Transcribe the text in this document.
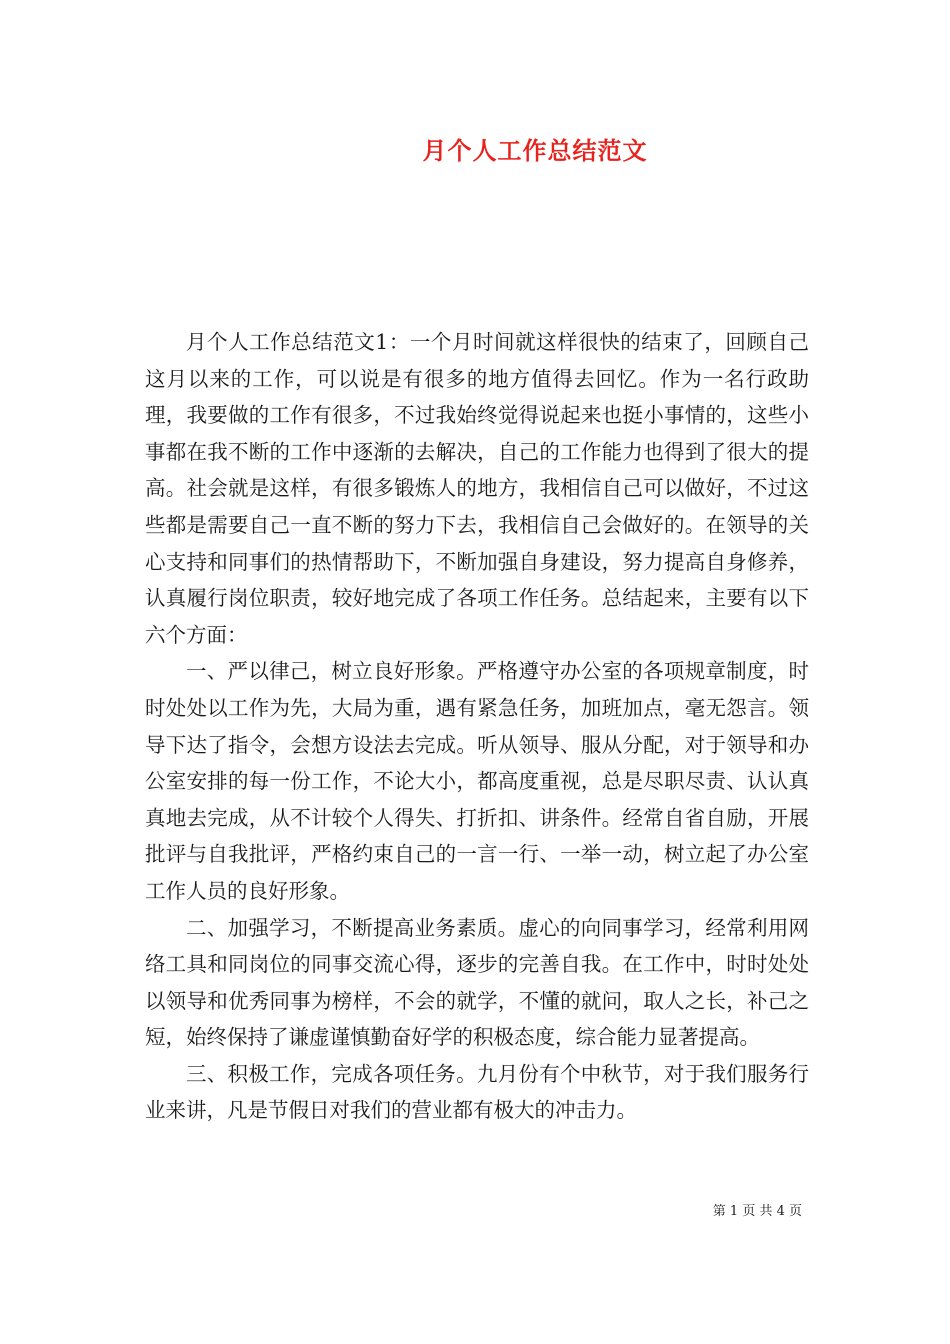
月个人工作总结范文

月个人工作总结范文1：一个月时间就这样很快的结束了，回顾自己这月以来的工作，可以说是有很多的地方值得去回忆。作为一名行政助理，我要做的工作有很多，不过我始终觉得说起来也挺小事情的，这些小事都在我不断的工作中逐渐的去解决，自己的工作能力也得到了很大的提高。社会就是这样，有很多锻炼人的地方，我相信自己可以做好，不过这些都是需要自己一直不断的努力下去，我相信自己会做好的。在领导的关心支持和同事们的热情帮助下，不断加强自身建设，努力提高自身修养，认真履行岗位职责，较好地完成了各项工作任务。总结起来，主要有以下六个方面：

一、严以律己，树立良好形象。严格遵守办公室的各项规章制度，时时处处以工作为先，大局为重，遇有紧急任务，加班加点，毫无怨言。领导下达了指令，会想方设法去完成。听从领导、服从分配，对于领导和办公室安排的每一份工作，不论大小，都高度重视，总是尽职尽责、认认真真地去完成，从不计较个人得失、打折扣、讲条件。经常自省自励，开展批评与自我批评，严格约束自己的一言一行、一举一动，树立起了办公室工作人员的良好形象。

二、加强学习，不断提高业务素质。虚心的向同事学习，经常利用网络工具和同岗位的同事交流心得，逐步的完善自我。在工作中，时时处处以领导和优秀同事为榜样，不会的就学，不懂的就问，取人之长，补己之短，始终保持了谦虚谨慎勤奋好学的积极态度，综合能力显著提高。

三、积极工作，完成各项任务。九月份有个中秋节，对于我们服务行业来讲，凡是节假日对我们的营业都有极大的冲击力。

第 1 页 共 4 页
